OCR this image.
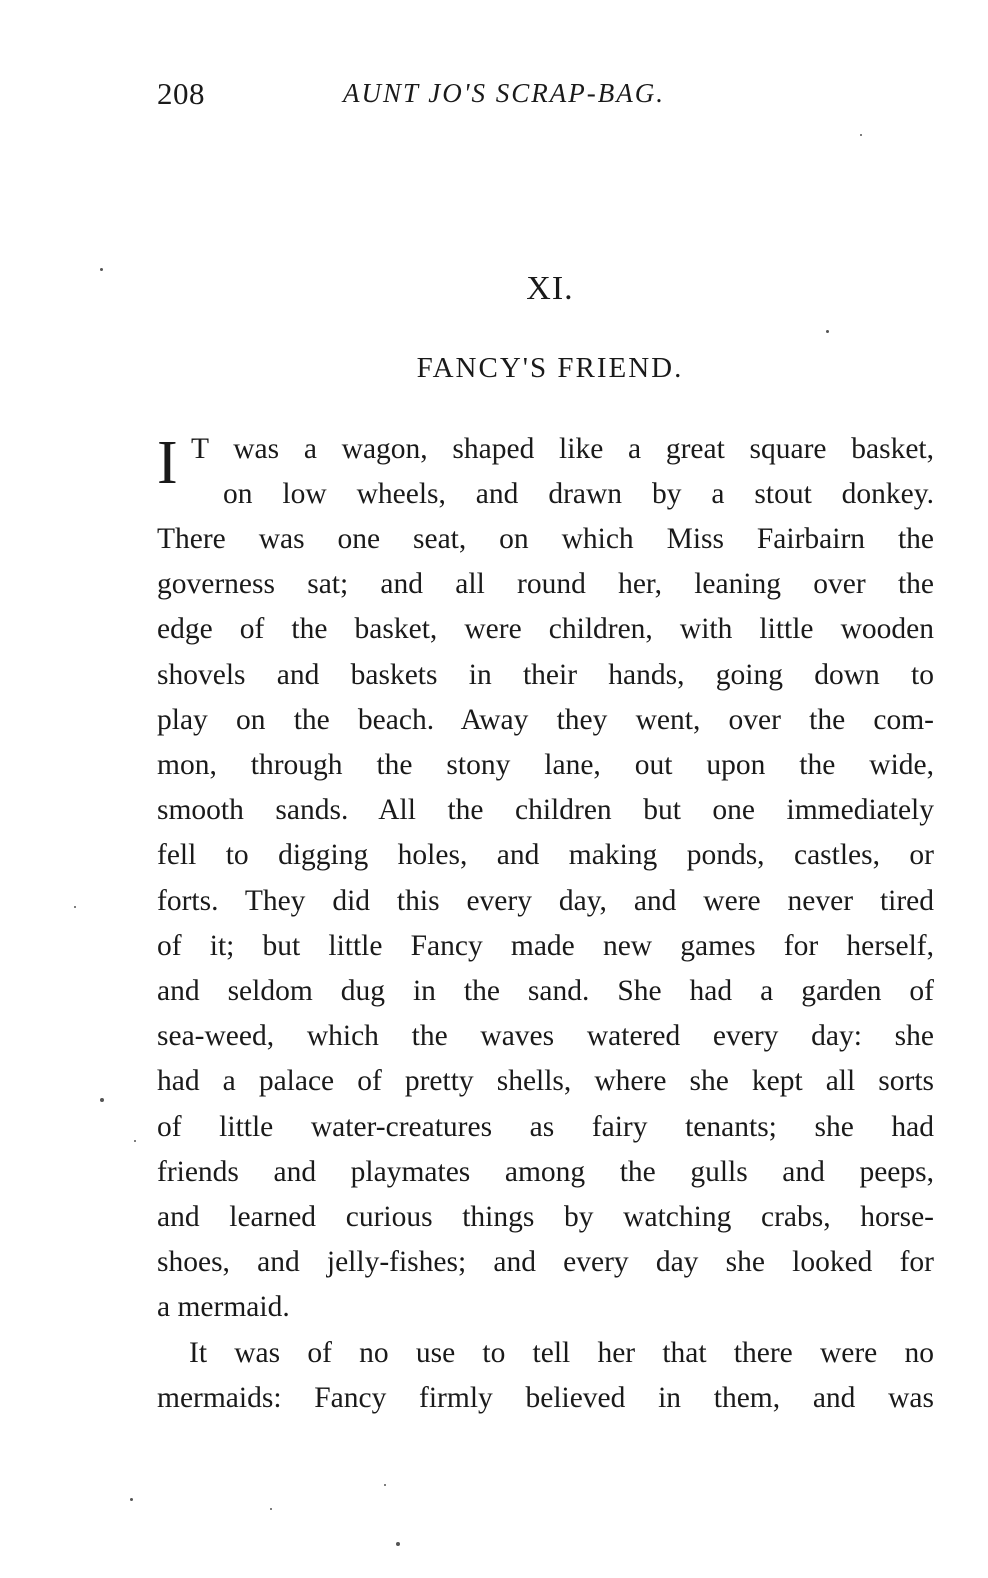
208	AUNT JO'S SCRAP-BAG.
XI.
FANCY'S FRIEND.
I T was a wagon, shaped like a great square basket,
on low wheels, and drawn by a stout donkey.
There was one seat, on which Miss Fairbairn the
governess sat; and all round her, leaning over the
edge of the basket, were children, with little wooden
shovels and baskets in their hands, going down to
play on the beach. Away they went, over the com-
mon, through the stony lane, out upon the wide,
smooth sands. All the children but one immediately
fell to digging holes, and making ponds, castles, or
forts. They did this every day, and were never tired
of it; but little Fancy made new games for herself,
and seldom dug in the sand. She had a garden of
sea-weed, which the waves watered every day: she
had a palace of pretty shells, where she kept all sorts
of little water-creatures as fairy tenants; she had
friends and playmates among the gulls and peeps,
and learned curious things by watching crabs, horse-
shoes, and jelly-fishes; and every day she looked for
a mermaid.
It was of no use to tell her that there were no
mermaids: Fancy firmly believed in them, and was
